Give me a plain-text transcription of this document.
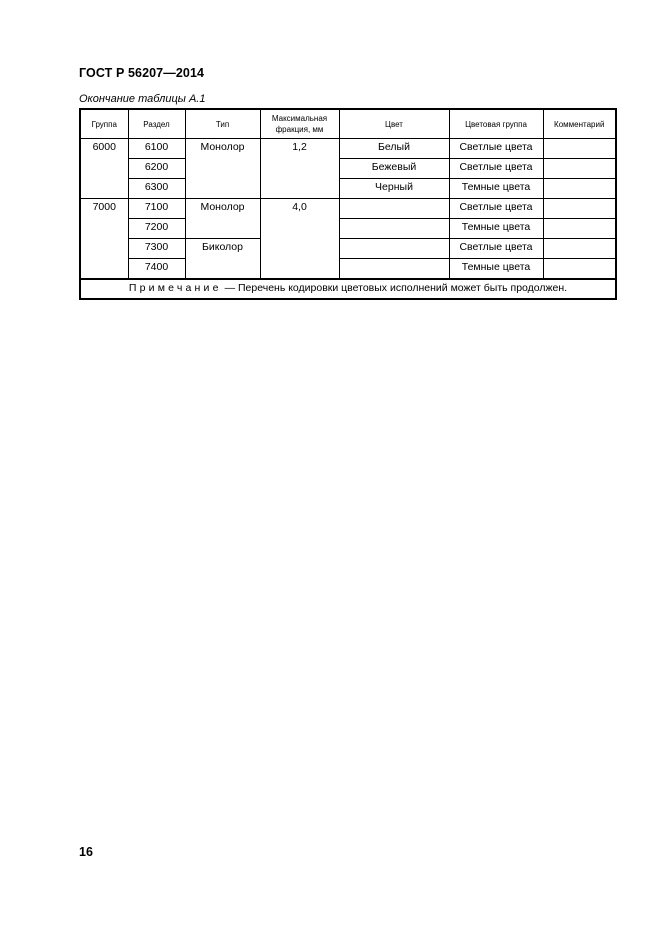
ГОСТ Р 56207—2014
Окончание таблицы А.1
Группа	Раздел	Тип	Максимальная фракция, мм	Цвет	Цветовая группа	Комментарий
6000	6100	Монолор	1,2	Белый	Светлые цвета	
	6200			Бежевый	Светлые цвета	
	6300			Черный	Темные цвета	
7000	7100	Монолор	4,0		Светлые цвета	
	7200				Темные цвета	
	7300	Биколор			Светлые цвета	
	7400				Темные цвета	
Примечание — Перечень кодировки цветовых исполнений может быть продолжен.						
16
